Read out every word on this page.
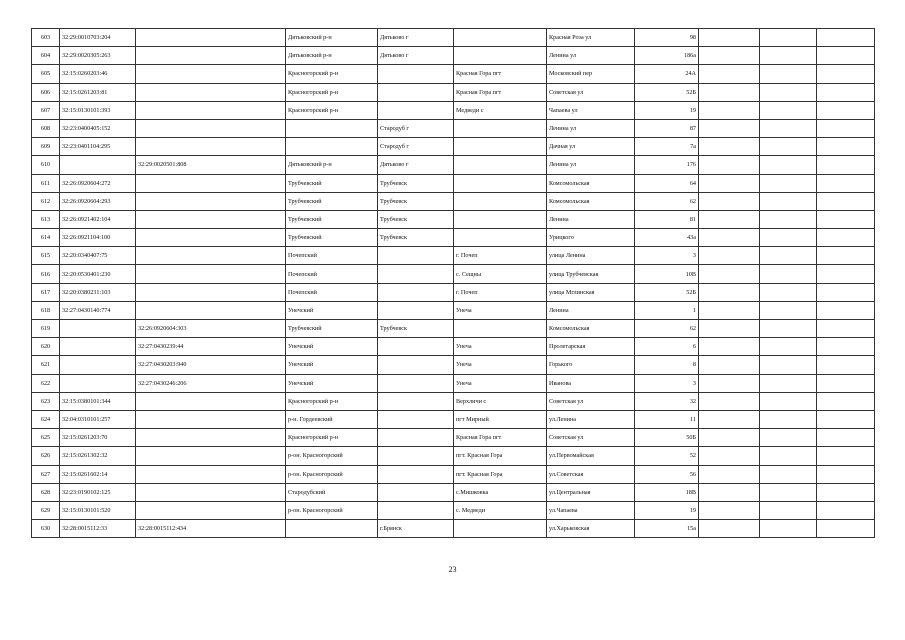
603	32:29:0010703:204		Дятьковский р-н	Дятьково г		Красная Роза ул	98			
604	32:29:0020305:263		Дятьковский р-н	Дятьково г		Ленина ул	186а			
605	32:15:0260203:46		Красногорский р-н		Красная Гора пгт	Московский пер	24А			
606	32:15:0261203:81		Красногорский р-н		Красная Гора пгт	Советская ул	52Б			
607	32:15:0130101:393		Красногорский р-н		Медведи с	Чапаева ул	19			
608	32:23:0400405:152			Стародуб г		Ленина ул	87			
609	32:23:0401104:295			Стародуб г		Дачная ул	7а			
610		32:29:0020501:808	Дятьковский р-н	Дятьково г		Ленина ул	176			
611	32:26:0920604:272		Трубчевский	Трубчевск		Комсомольская	64			
612	32:26:0920604:293		Трубчевский	Трубчевск		Комсомольская	62			
613	32:26:0921402:104		Трубчевский	Трубчевск		Ленина	81			
614	32:26:0921104:100		Трубчевский	Трубчевск		Урицкого	43а			
615	32:20:0340407:75		Почепский		г. Почеп	улица Ленина	3			
616	32:20:0530401:230		Почепский		с. Сещны	улица Трубчевская	10В			
617	32:20:0380231:103		Почепский		г. Почеп	улица Мглинская	52Б			
618	32:27:0430140:774		Унечский		Унеча	Ленина	1			
619		32:26:0920604:303	Трубчевский	Трубчевск		Комсомольская	62			
620		32:27:0430239:44	Унечский		Унеча	Пролетарская	6			
621		32:27:0430203:940	Унечский		Унеча	Горького	8			
622		32:27:0430246:206	Унечский		Унеча	Иванова	3			
623	32:15:0380101:344		Красногорский р-н		Верхличи с	Советская ул	32			
624	32:04:0310101:257		р-н. Гордеевский		пгт Мирный	ул.Ленина	11			
625	32:15:0261203:70		Красногорский р-н		Красная Гора пгт	Советская ул	50Б			
626	32:15:0261302:32		р-он. Красногорский		пгт. Красная Гора	ул.Первомайская	52			
627	32:15:0261602:14		р-он. Красногорский		пгт. Красная Гора	ул.Советская	56			
628	32:23:0190102:125		Стародубский		с.Мишковка	ул.Центральная	18В			
629	32:15:0130101:520		р-он. Красногорский		с. Медведи	ул.Чапаева	19			
630	32:28:0015112:33	32:28:0015112:434		г.Брянск		ул.Харьковская	15а			
23
